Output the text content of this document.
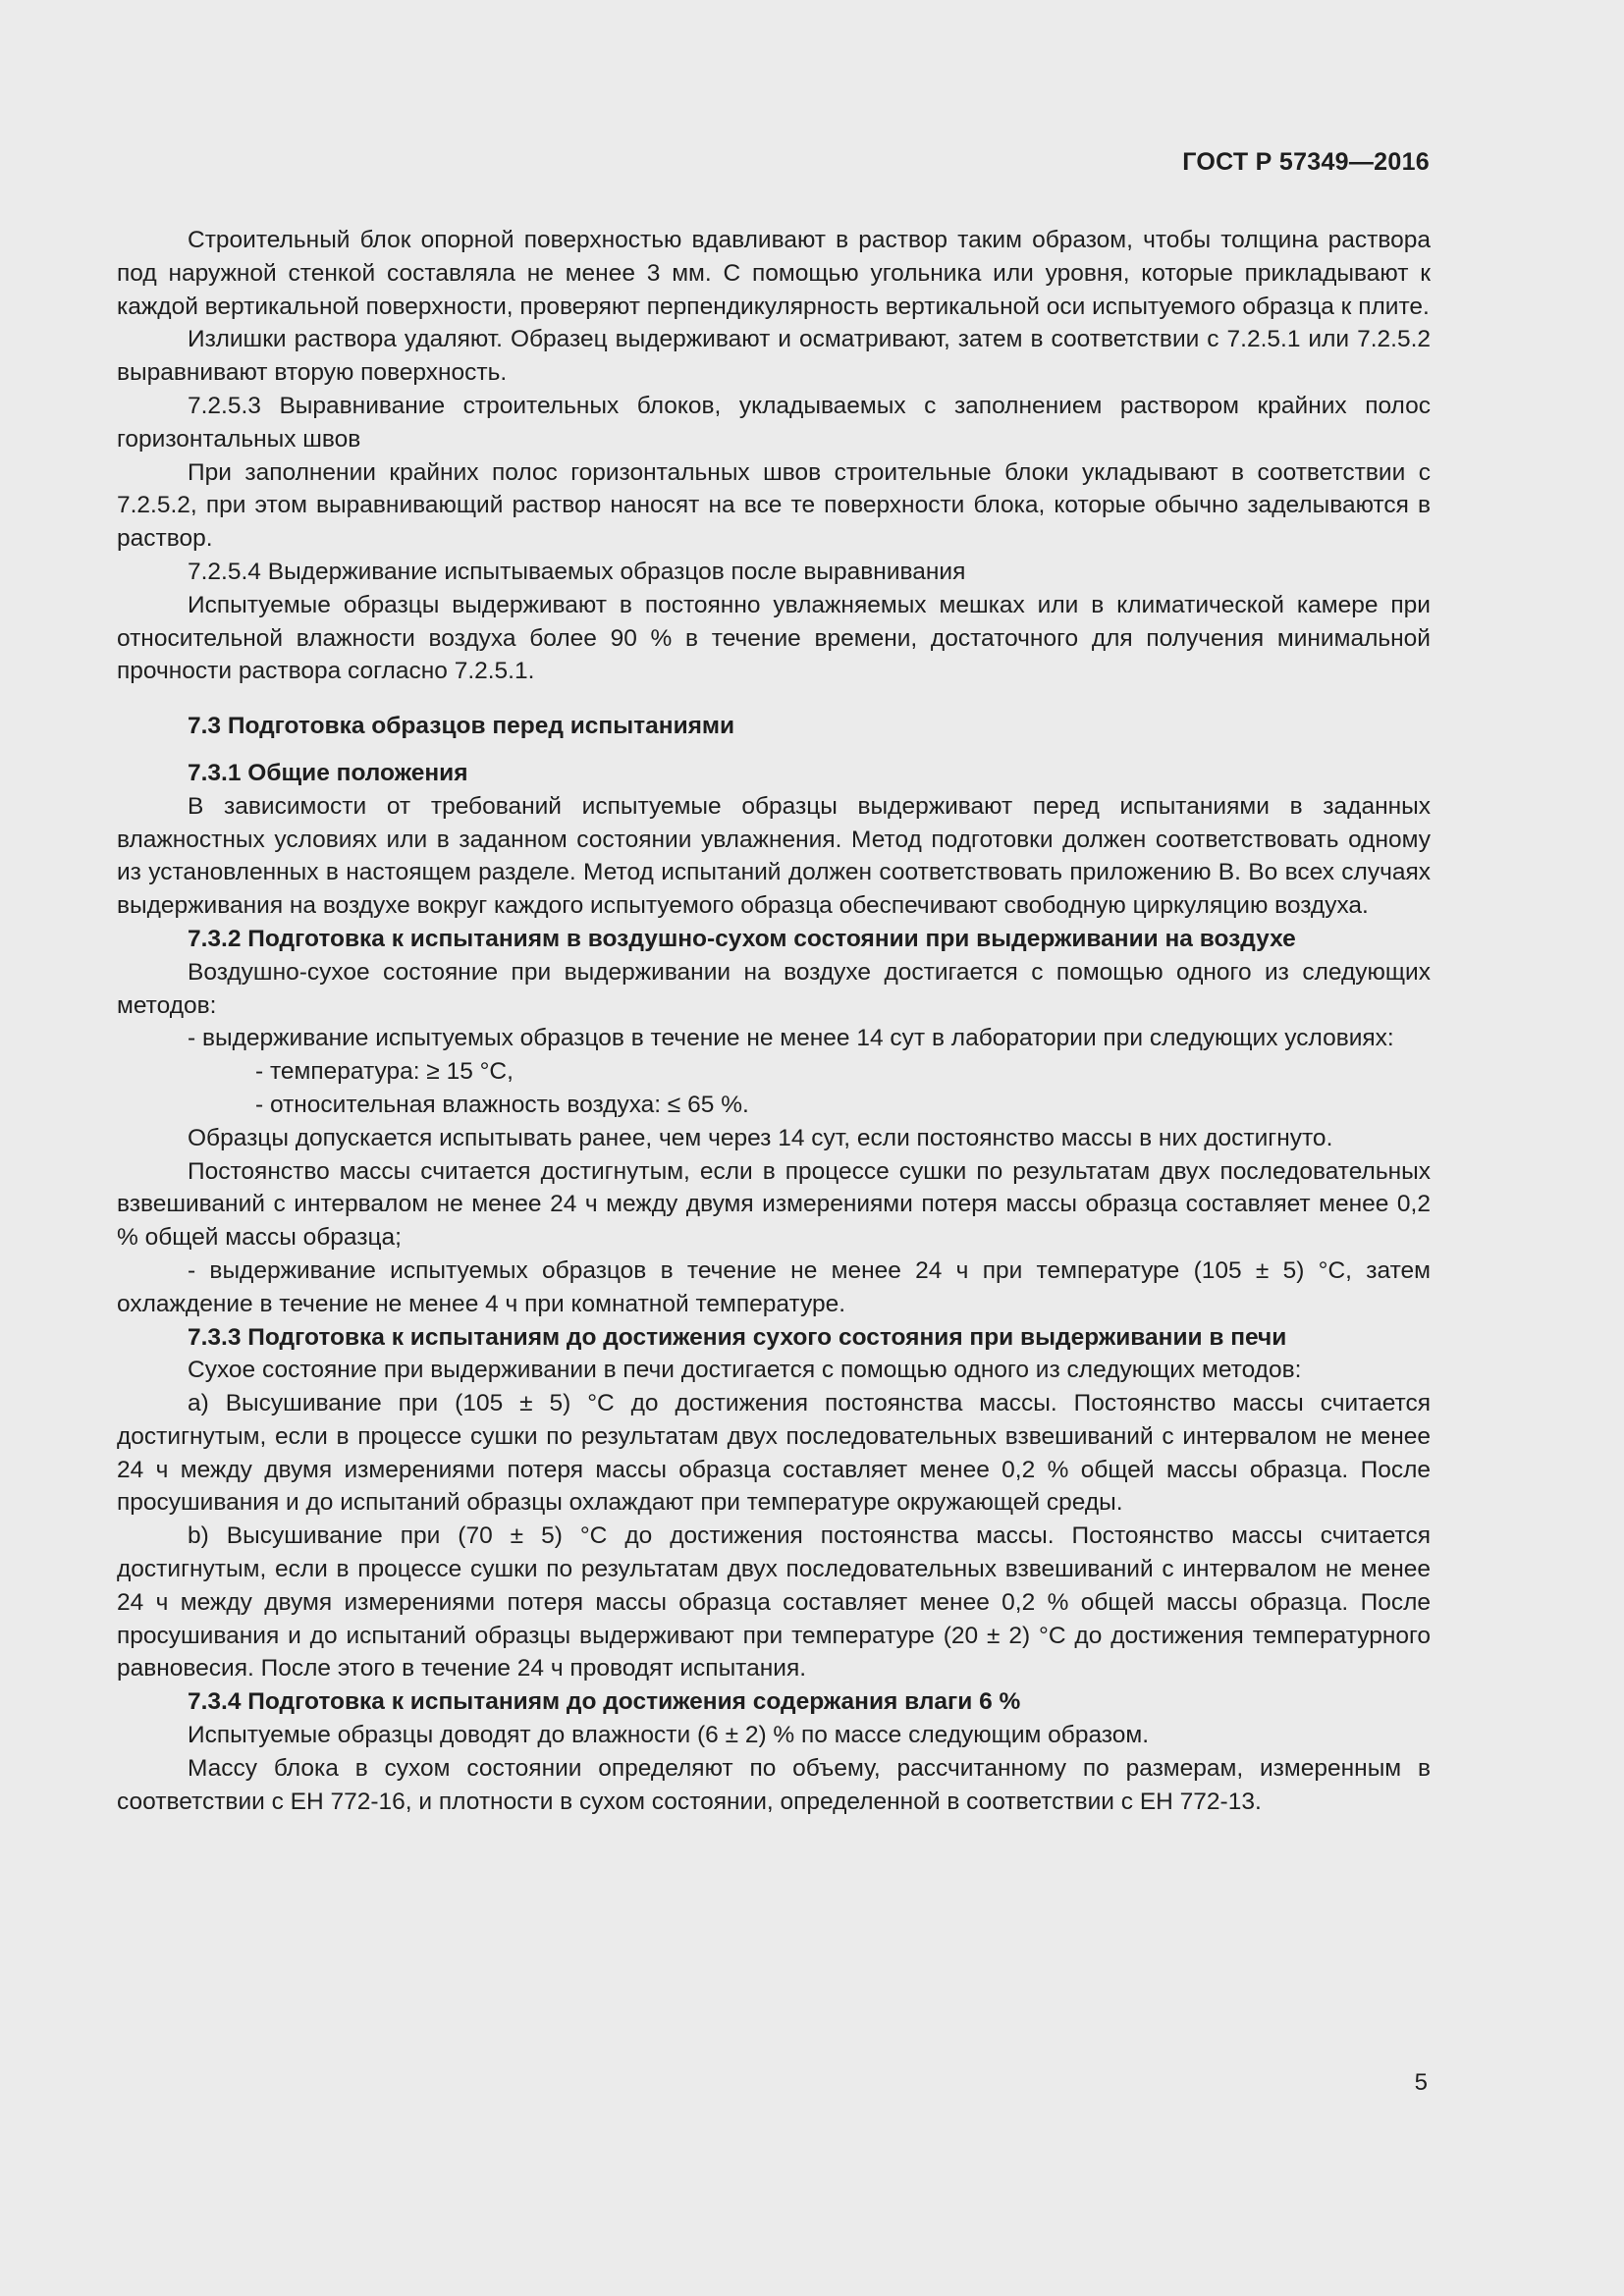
ГОСТ Р 57349—2016

Строительный блок опорной поверхностью вдавливают в раствор таким образом, чтобы толщина раствора под наружной стенкой составляла не менее 3 мм. С помощью угольника или уровня, которые прикладывают к каждой вертикальной поверхности, проверяют перпендикулярность вертикальной оси испытуемого образца к плите.

Излишки раствора удаляют. Образец выдерживают и осматривают, затем в соответствии с 7.2.5.1 или 7.2.5.2 выравнивают вторую поверхность.

7.2.5.3 Выравнивание строительных блоков, укладываемых с заполнением раствором крайних полос горизонтальных швов

При заполнении крайних полос горизонтальных швов строительные блоки укладывают в соответствии с 7.2.5.2, при этом выравнивающий раствор наносят на все те поверхности блока, которые обычно заделываются в раствор.

7.2.5.4 Выдерживание испытываемых образцов после выравнивания

Испытуемые образцы выдерживают в постоянно увлажняемых мешках или в климатической камере при относительной влажности воздуха более 90 % в течение времени, достаточного для получения минимальной прочности раствора согласно 7.2.5.1.

7.3 Подготовка образцов перед испытаниями

7.3.1 Общие положения

В зависимости от требований испытуемые образцы выдерживают перед испытаниями в заданных влажностных условиях или в заданном состоянии увлажнения. Метод подготовки должен соответствовать одному из установленных в настоящем разделе. Метод испытаний должен соответствовать приложению В. Во всех случаях выдерживания на воздухе вокруг каждого испытуемого образца обеспечивают свободную циркуляцию воздуха.

7.3.2 Подготовка к испытаниям в воздушно-сухом состоянии при выдерживании на воздухе

Воздушно-сухое состояние при выдерживании на воздухе достигается с помощью одного из следующих методов:

- выдерживание испытуемых образцов в течение не менее 14 сут в лаборатории при следующих условиях:

- температура: ≥ 15 °C,

- относительная влажность воздуха: ≤ 65 %.

Образцы допускается испытывать ранее, чем через 14 сут, если постоянство массы в них достигнуто.

Постоянство массы считается достигнутым, если в процессе сушки по результатам двух последовательных взвешиваний с интервалом не менее 24 ч между двумя измерениями потеря массы образца составляет менее 0,2 % общей массы образца;

- выдерживание испытуемых образцов в течение не менее 24 ч при температуре (105 ± 5) °С, затем охлаждение в течение не менее 4 ч при комнатной температуре.

7.3.3 Подготовка к испытаниям до достижения сухого состояния при выдерживании в печи

Сухое состояние при выдерживании в печи достигается с помощью одного из следующих методов:

a) Высушивание при (105 ± 5) °С до достижения постоянства массы. Постоянство массы считается достигнутым, если в процессе сушки по результатам двух последовательных взвешиваний с интервалом не менее 24 ч между двумя измерениями потеря массы образца составляет менее 0,2 % общей массы образца. После просушивания и до испытаний образцы охлаждают при температуре окружающей среды.

b) Высушивание при (70 ± 5) °С до достижения постоянства массы. Постоянство массы считается достигнутым, если в процессе сушки по результатам двух последовательных взвешиваний с интервалом не менее 24 ч между двумя измерениями потеря массы образца составляет менее 0,2 % общей массы образца. После просушивания и до испытаний образцы выдерживают при температуре (20 ± 2) °С до достижения температурного равновесия. После этого в течение 24 ч проводят испытания.

7.3.4 Подготовка к испытаниям до достижения содержания влаги 6 %

Испытуемые образцы доводят до влажности (6 ± 2) % по массе следующим образом.

Массу блока в сухом состоянии определяют по объему, рассчитанному по размерам, измеренным в соответствии с ЕН 772-16, и плотности в сухом состоянии, определенной в соответствии с ЕН 772-13.

5
